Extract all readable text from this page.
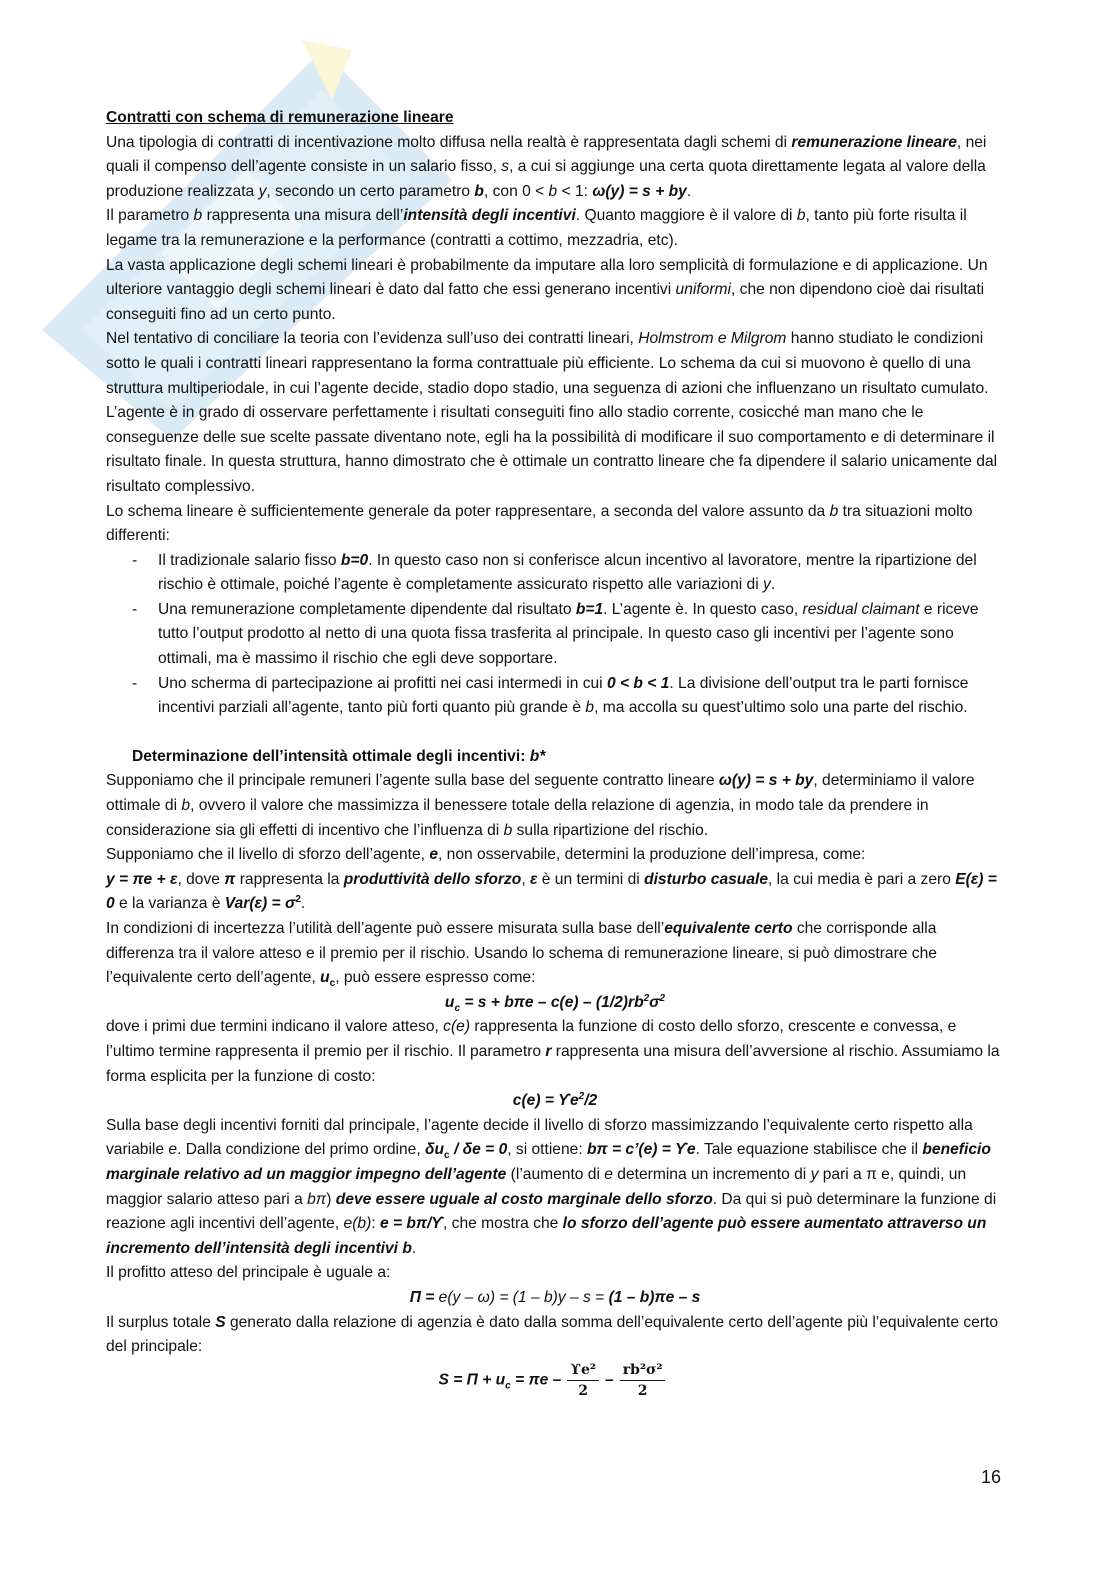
Contratti con schema di remunerazione lineare

Una tipologia di contratti di incentivazione molto diffusa nella realtà è rappresentata dagli schemi di remunerazione lineare, nei quali il compenso dell’agente consiste in un salario fisso, s, a cui si aggiunge una certa quota direttamente legata al valore della produzione realizzata y, secondo un certo parametro b, con 0 < b < 1: ω(y) = s + by.

Il parametro b rappresenta una misura dell’intensità degli incentivi. Quanto maggiore è il valore di b, tanto più forte risulta il legame tra la remunerazione e la performance (contratti a cottimo, mezzadria, etc).

La vasta applicazione degli schemi lineari è probabilmente da imputare alla loro semplicità di formulazione e di applicazione. Un ulteriore vantaggio degli schemi lineari è dato dal fatto che essi generano incentivi uniformi, che non dipendono cioè dai risultati conseguiti fino ad un certo punto.

Nel tentativo di conciliare la teoria con l’evidenza sull’uso dei contratti lineari, Holmstrom e Milgrom hanno studiato le condizioni sotto le quali i contratti lineari rappresentano la forma contrattuale più efficiente. Lo schema da cui si muovono è quello di una struttura multiperiodale, in cui l’agente decide, stadio dopo stadio, una seguenza di azioni che influenzano un risultato cumulato. L’agente è in grado di osservare perfettamente i risultati conseguiti fino allo stadio corrente, cosicché man mano che le conseguenze delle sue scelte passate diventano note, egli ha la possibilità di modificare il suo comportamento e di determinare il risultato finale. In questa struttura, hanno dimostrato che è ottimale un contratto lineare che fa dipendere il salario unicamente dal risultato complessivo.

Lo schema lineare è sufficientemente generale da poter rappresentare, a seconda del valore assunto da b tra situazioni molto differenti:

- Il tradizionale salario fisso b=0. In questo caso non si conferisce alcun incentivo al lavoratore, mentre la ripartizione del rischio è ottimale, poiché l’agente è completamente assicurato rispetto alle variazioni di y.
- Una remunerazione completamente dipendente dal risultato b=1. L’agente è. In questo caso, residual claimant e riceve tutto l’output prodotto al netto di una quota fissa trasferita al principale. In questo caso gli incentivi per l’agente sono ottimali, ma è massimo il rischio che egli deve sopportare.
- Uno scherma di partecipazione ai profitti nei casi intermedi in cui 0 < b < 1. La divisione dell’output tra le parti fornisce incentivi parziali all’agente, tanto più forti quanto più grande è b, ma accolla su quest’ultimo solo una parte del rischio.

Determinazione dell’intensità ottimale degli incentivi: b*

Supponiamo che il principale remuneri l’agente sulla base del seguente contratto lineare ω(y) = s + by, determiniamo il valore ottimale di b, ovvero il valore che massimizza il benessere totale della relazione di agenzia, in modo tale da prendere in considerazione sia gli effetti di incentivo che l’influenza di b sulla ripartizione del rischio.

Supponiamo che il livello di sforzo dell’agente, e, non osservabile, determini la produzione dell’impresa, come:

y = πe + ε, dove π rappresenta la produttività dello sforzo, ε è un termini di disturbo casuale, la cui media è pari a zero E(ε) = 0 e la varianza è $Var(\varepsilon) = \sigma^2$.

In condizioni di incertezza l’utilità dell’agente può essere misurata sulla base dell’equivalente certo che corrisponde alla differenza tra il valore atteso e il premio per il rischio. Usando lo schema di remunerazione lineare, si può dimostrare che l’equivalente certo dell’agente, $u_c$, può essere espresso come:

$u_c = s + b\pi e - c(e) - (1/2)rb^2\sigma^2$

dove i primi due termini indicano il valore atteso, c(e) rappresenta la funzione di costo dello sforzo, crescente e convessa, e l’ultimo termine rappresenta il premio per il rischio. Il parametro r rappresenta una misura dell’avversione al rischio. Assumiamo la forma esplicita per la funzione di costo:

$c(e) = ϒe^2/2$

Sulla base degli incentivi forniti dal principale, l’agente decide il livello di sforzo massimizzando l’equivalente certo rispetto alla variabile e. Dalla condizione del primo ordine, $\delta u_c / \delta e = 0$, si ottiene: bπ = c’(e) = ϒe. Tale equazione stabilisce che il beneficio marginale relativo ad un maggior impegno dell’agente (l’aumento di e determina un incremento di y pari a π e, quindi, un maggior salario atteso pari a bπ) deve essere uguale al costo marginale dello sforzo. Da qui si può determinare la funzione di reazione agli incentivi dell’agente, e(b): e = bπ/ϒ, che mostra che lo sforzo dell’agente può essere aumentato attraverso un incremento dell’intensità degli incentivi b.

Il profitto atteso del principale è uguale a:

Π = e(y – ω) = (1 – b)y – s = (1 – b)πe – s

Il surplus totale S generato dalla relazione di agenzia è dato dalla somma dell’equivalente certo dell’agente più l’equivalente certo del principale:

$S = \Pi + u_c = \pi e - \frac{\text{ϒe²}}{2} - \frac{\text{rb²σ²}}{2}$

16
